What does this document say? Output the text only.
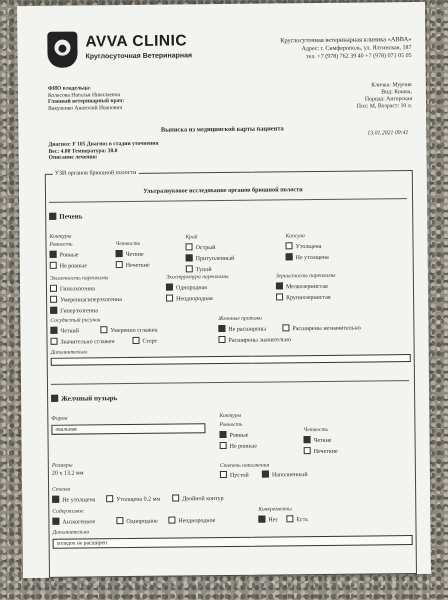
AVVA CLINIC
Круглосуточная Ветеринарная
Круглосуточная ветеринарная клиника «АВВА»
Адрес: г. Симферополь, ул. Ялтинская, 187
тел. +7 (978) 762 39 40 +7 (978) 071 05 05
ФИО владельца:
Колесова Наталья Николаевна
Главный ветеринарный врач:
Вакуленко Анатолий Иванович
Кличка: Мурчик
Вид: Кошка,
Порода: Ангорская
Пол: М, Возраст: 10 л.
Выписка из медицинской карты пациента	13.01.2021 09:41
Диагноз: F 105 Диагноз в стадии уточнения
Вес: 4.00 Температура: 38.0
Описание лечения:
УЗИ органов брюшной полости
Ультразвуковое исследование органов брюшной полости
Печень
Контуры
Ровность
Ровные
Не ровные
Четкость
Четкие
Нечеткие
Край
Острый
Притупленный
Тупой
Капсула
Утолщена
Не утолщена
Эхогенность паренхимы
Гипоэхогенна
Умереннагиперэхогенна
Гиперэхогенна
Эхоструктура паренхимы
Однородная
Неоднородная
Зернистость паренхимы
Мелкозернистая
Крупнозернистая
Сосудистый рисунок
Четкий	Умеренно сглажен
Значительно сглажен	Стерт
Желчные протоки
Не расширены	Расширены незначительно
Расширены значительно
Дополнительно
Желчный пузырь
Форма
овальная
Контуры
Ровность
Ровные
Не ровные
Четкость
Четкие
Нечеткие
Размеры
20 x 13.2 мм
Степень наполнения
Пустой	Наполненный
Стенка
Не утолщена	Утолщена 0.2 мм	Двойной контур
Содержимое
Анэхогенное	Однородное	Неоднородное
Конкременты
Нет	Есть
Дополнительно
холедох не расширен
